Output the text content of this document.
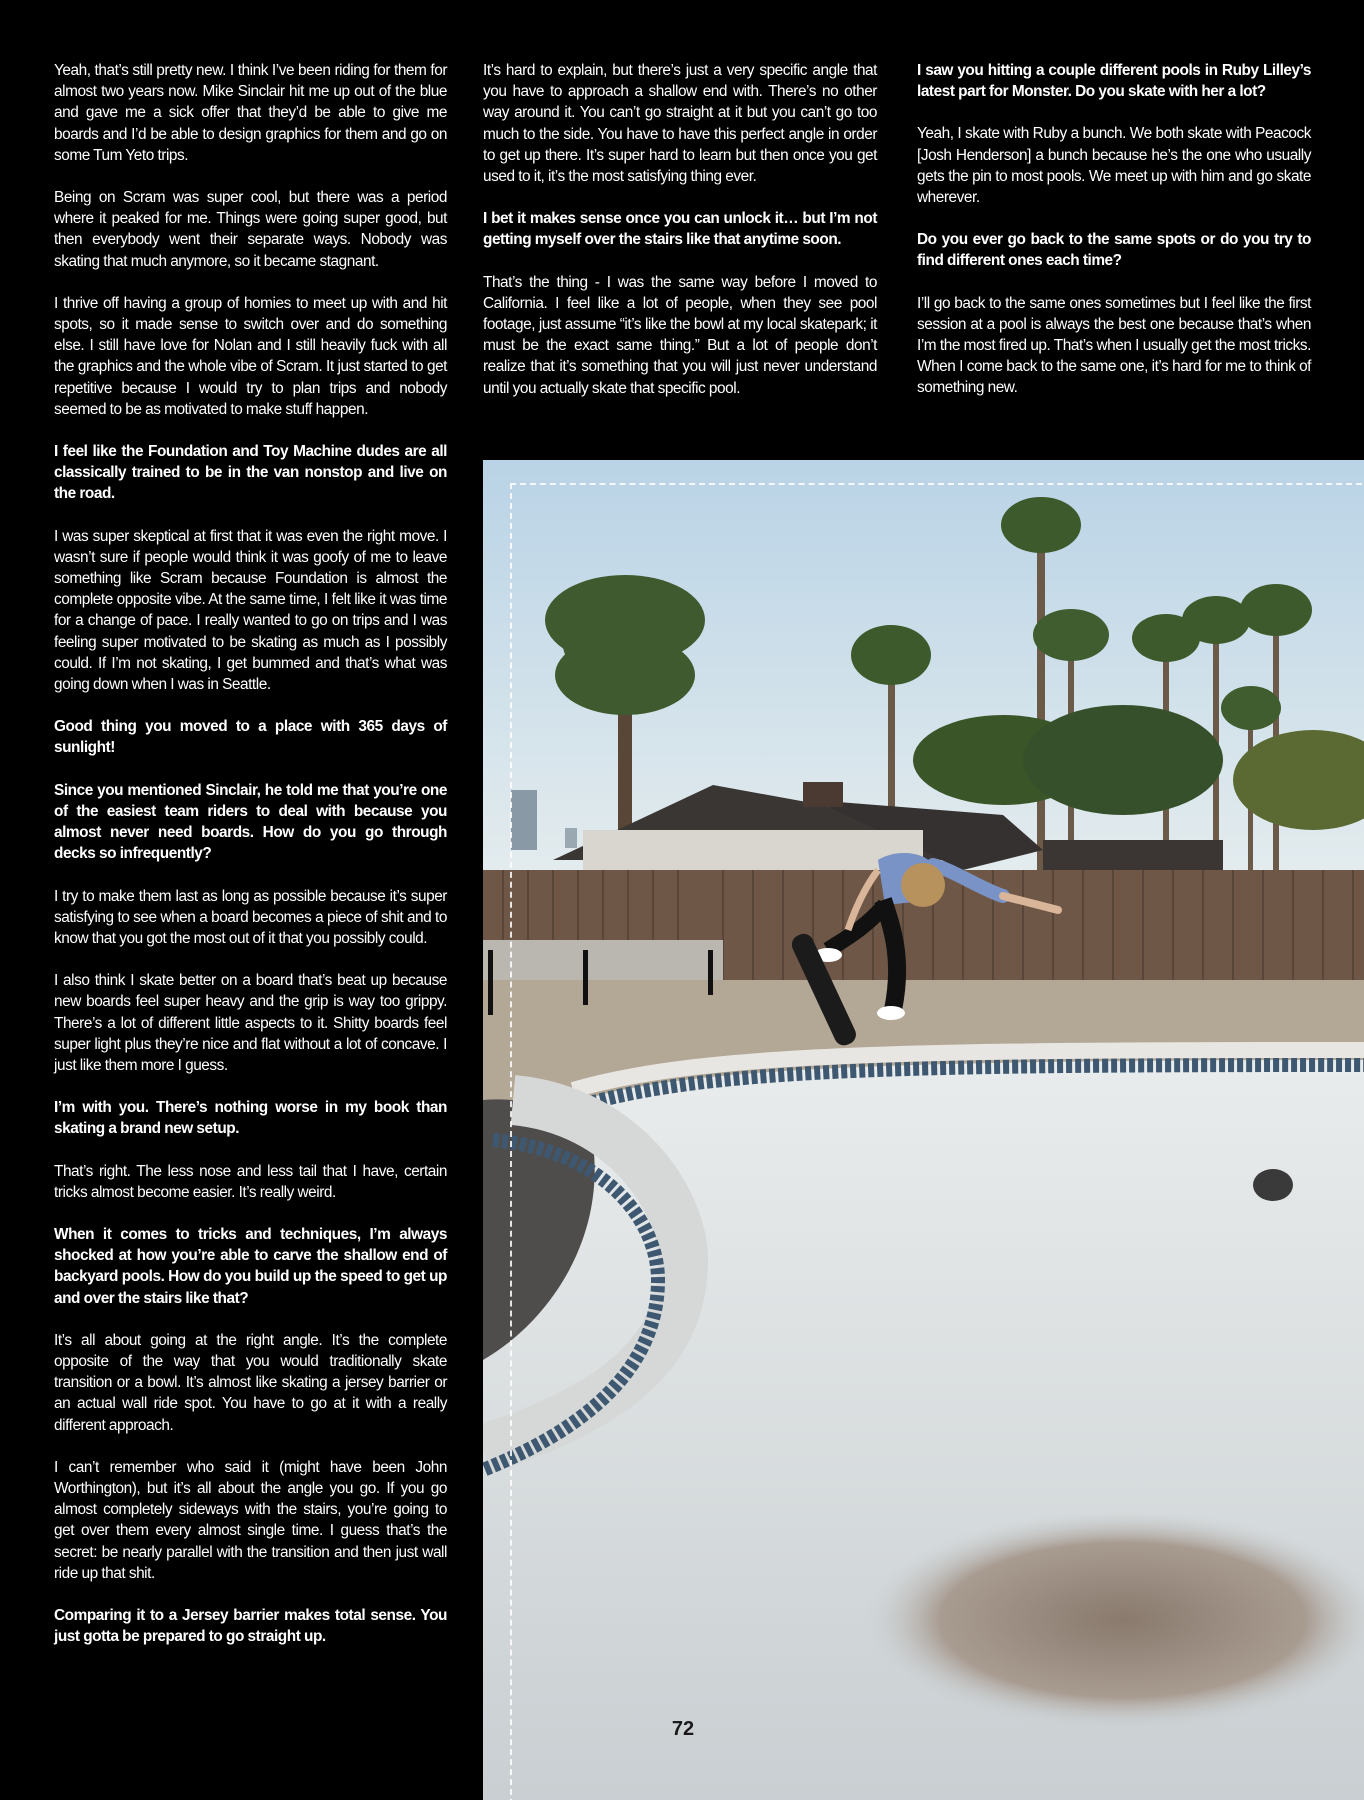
Yeah, that’s still pretty new. I think I’ve been riding for them for almost two years now. Mike Sinclair hit me up out of the blue and gave me a sick offer that they’d be able to give me boards and I’d be able to design graphics for them and go on some Tum Yeto trips.

Being on Scram was super cool, but there was a period where it peaked for me. Things were going super good, but then everybody went their separate ways. Nobody was skating that much anymore, so it became stagnant.

I thrive off having a group of homies to meet up with and hit spots, so it made sense to switch over and do something else. I still have love for Nolan and I still heavily fuck with all the graphics and the whole vibe of Scram. It just started to get repetitive because I would try to plan trips and nobody seemed to be as motivated to make stuff happen.

I feel like the Foundation and Toy Machine dudes are all classically trained to be in the van nonstop and live on the road.

I was super skeptical at first that it was even the right move. I wasn’t sure if people would think it was goofy of me to leave something like Scram because Foundation is almost the complete opposite vibe. At the same time, I felt like it was time for a change of pace. I really wanted to go on trips and I was feeling super motivated to be skating as much as I possibly could. If I’m not skating, I get bummed and that’s what was going down when I was in Seattle.

Good thing you moved to a place with 365 days of sunlight!

Since you mentioned Sinclair, he told me that you’re one of the easiest team riders to deal with because you almost never need boards. How do you go through decks so infrequently?

I try to make them last as long as possible because it’s super satisfying to see when a board becomes a piece of shit and to know that you got the most out of it that you possibly could.

I also think I skate better on a board that’s beat up because new boards feel super heavy and the grip is way too grippy. There’s a lot of different little aspects to it. Shitty boards feel super light plus they’re nice and flat without a lot of concave. I just like them more I guess.

I’m with you. There’s nothing worse in my book than skating a brand new setup.

That’s right. The less nose and less tail that I have, certain tricks almost become easier. It’s really weird.

When it comes to tricks and techniques, I’m always shocked at how you’re able to carve the shallow end of backyard pools. How do you build up the speed to get up and over the stairs like that?

It’s all about going at the right angle. It’s the complete opposite of the way that you would traditionally skate transition or a bowl. It’s almost like skating a jersey barrier or an actual wall ride spot. You have to go at it with a really different approach.

I can’t remember who said it (might have been John Worthington), but it’s all about the angle you go. If you go almost completely sideways with the stairs, you’re going to get over them every almost single time. I guess that’s the secret: be nearly parallel with the transition and then just wall ride up that shit.

Comparing it to a Jersey barrier makes total sense. You just gotta be prepared to go straight up.

It’s hard to explain, but there’s just a very specific angle that you have to approach a shallow end with. There’s no other way around it. You can’t go straight at it but you can’t go too much to the side. You have to have this perfect angle in order to get up there. It’s super hard to learn but then once you get used to it, it’s the most satisfying thing ever.

I bet it makes sense once you can unlock it… but I’m not getting myself over the stairs like that anytime soon.

That’s the thing - I was the same way before I moved to California. I feel like a lot of people, when they see pool footage, just assume “it’s like the bowl at my local skatepark; it must be the exact same thing.” But a lot of people don’t realize that it’s something that you will just never understand until you actually skate that specific pool.

I saw you hitting a couple different pools in Ruby Lilley’s latest part for Monster. Do you skate with her a lot?

Yeah, I skate with Ruby a bunch. We both skate with Peacock [Josh Henderson] a bunch because he’s the one who usually gets the pin to most pools. We meet up with him and go skate wherever.

Do you ever go back to the same spots or do you try to find different ones each time?

I’ll go back to the same ones sometimes but I feel like the first session at a pool is always the best one because that’s when I’m the most fired up. That’s when I usually get the most tricks. When I come back to the same one, it’s hard for me to think of something new.

72
